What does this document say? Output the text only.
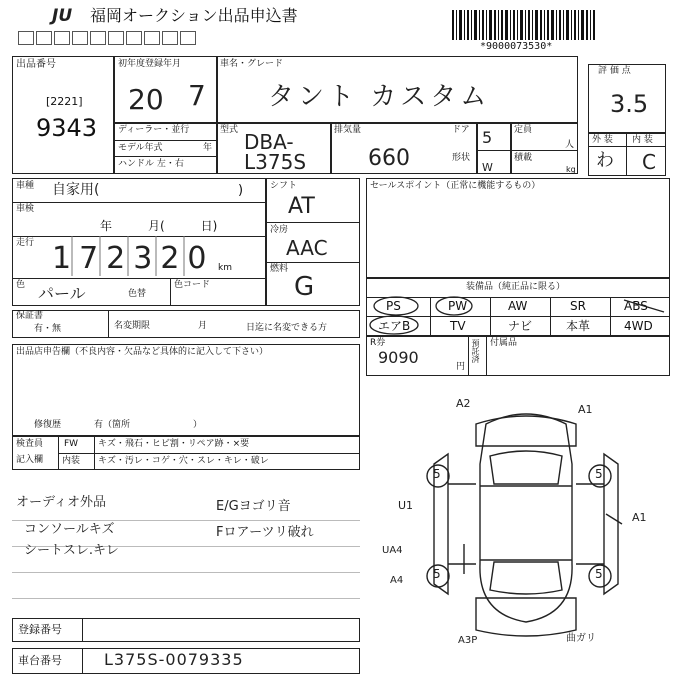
JU 福岡オークション出品申込書
*9000073530*
出品番号
[2221]
9343
初年度登録年月
20 7
車名・グレード
タント カスタム
ディーラー・並行
モデル年式	年
ハンドル 左・右
型式 DBA- L375S
排気量
660
ドア 5 定員
人
形状
W
積載
kg
評 価 点
3.5
外 装 内 装
わ C
車種 自家用(	)
車検
年　　　月(　　　日)
走行 172320 km
色 パール	色替
色コード
シフト
AT
冷房
AAC
燃料
G
セールスポイント（正常に機能するもの）
装備品（純正品に限る）
PS	PW	AW	SR	ABS
エアB	TV	ナビ	本革	4WD
保証書
有・無	名変期限	月	日迄に名変できる方
R券
9090	円
預託済 付属品
出品店申告欄（不良内容・欠品など具体的に記入して下さい）
修復歴	有（箇所　　　　　　　）
検査員
記入欄
FW キズ・飛石・ヒビ割・リペア跡・×要
内装 キズ・汚レ・コゲ・穴・スレ・キレ・破レ
オーディオ外品
コンソールキズ
シートスレ.キレ
E/Gヨゴリ音
Fロアーツリ破れ
5	5
5	5
A2	A1
U1
A1
UA4
A4
A3P	曲ガリ
登録番号
車台番号	L375S-0079335
